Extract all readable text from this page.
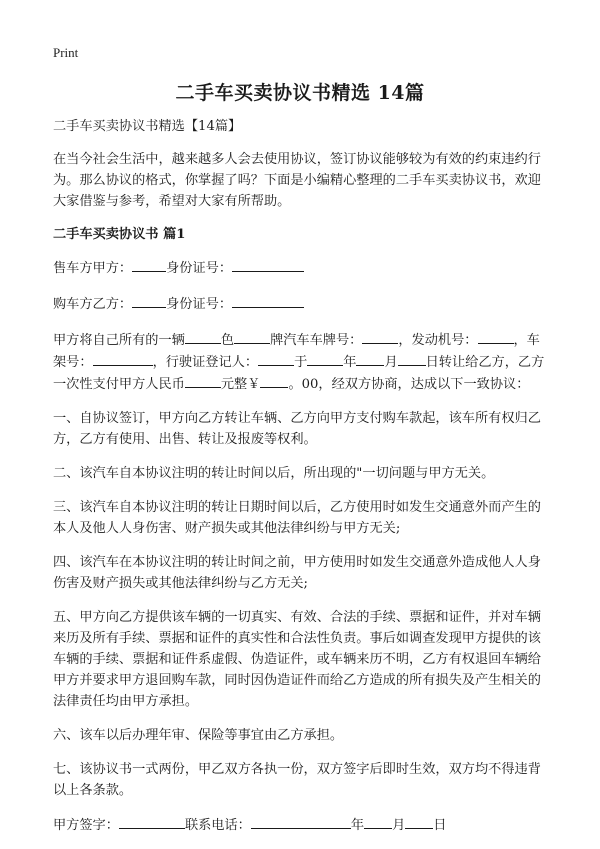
Print
二手车买卖协议书精选 14篇

二手车买卖协议书精选【14篇】

在当今社会生活中，越来越多人会去使用协议，签订协议能够较为有效的约束违约行为。那么协议的格式，你掌握了吗？下面是小编精心整理的二手车买卖协议书，欢迎大家借鉴与参考，希望对大家有所帮助。

二手车买卖协议书 篇1

售车方甲方：	身份证号：

购车方乙方：	身份证号：

甲方将自己所有的一辆	色	牌汽车车牌号：	，发动机号：	，车架号：	，行驶证登记人：	于	年 月 日转让给乙方，乙方一次性支付甲方人民币	元整￥ 。00，经双方协商，达成以下一致协议：

一、自协议签订，甲方向乙方转让车辆、乙方向甲方支付购车款起，该车所有权归乙方，乙方有使用、出售、转让及报废等权利。

二、该汽车自本协议注明的转让时间以后，所出现的"一切问题与甲方无关。

三、该汽车自本协议注明的转让日期时间以后，乙方使用时如发生交通意外而产生的本人及他人人身伤害、财产损失或其他法律纠纷与甲方无关;

四、该汽车在本协议注明的转让时间之前，甲方使用时如发生交通意外造成他人人身伤害及财产损失或其他法律纠纷与乙方无关;

五、甲方向乙方提供该车辆的一切真实、有效、合法的手续、票据和证件，并对车辆来历及所有手续、票据和证件的真实性和合法性负责。事后如调查发现甲方提供的该车辆的手续、票据和证件系虚假、伪造证件，或车辆来历不明，乙方有权退回车辆给甲方并要求甲方退回购车款，同时因伪造证件而给乙方造成的所有损失及产生相关的法律责任均由甲方承担。

六、该车以后办理年审、保险等事宜由乙方承担。

七、该协议书一式两份，甲乙双方各执一份，双方签字后即时生效，双方均不得违背以上各条款。

甲方签字：	联系电话：	年 月 日
